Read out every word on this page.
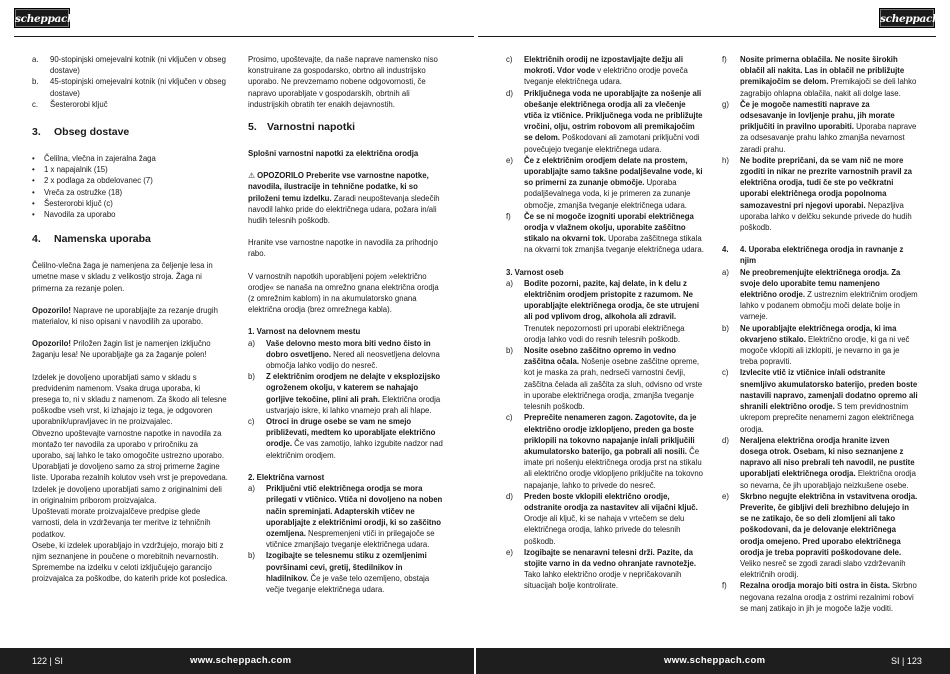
scheppach	scheppach
a.	90-stopinjski omejevalni kotnik (ni vključen v obseg dostave)
b.	45-stopinjski omejevalni kotnik (ni vključen v obseg dostave)
c.	Šesterorobi ključ
3. Obseg dostave
•	Čelilna, vlečna in zajeralna žaga
•	1 x napajalnik (15)
•	2 x podlaga za obdelovanec (7)
•	Vreča za ostružke (18)
•	Šesterorobi ključ (c)
•	Navodila za uporabo
4. Namenska uporaba

Čelilno-vlečna žaga je namenjena za čeljenje lesa in umetne mase v skladu z velikostjo stroja. Žaga ni primerna za rezanje polen.

Opozorilo! Naprave ne uporabljajte za rezanje drugih materialov, ki niso opisani v navodilih za uporabo.

Opozorilo! Priložen žagin list je namenjen izključno žaganju lesa! Ne uporabljajte ga za žaganje polen!

Izdelek je dovoljeno uporabljati samo v skladu s predvidenim namenom. Vsaka druga uporaba, ki presega to, ni v skladu z namenom. Za škodo ali telesne poškodbe vseh vrst, ki izhajajo iz tega, je odgovoren uporabnik/upravljavec in ne proizvajalec.
Obvezno upoštevajte varnostne napotke in navodila za montažo ter navodila za uporabo v priročniku za uporabo, saj lahko le tako omogočite ustrezno uporabo.
Uporabljati je dovoljeno samo za stroj primerne žagine liste. Uporaba rezalnih kolutov vseh vrst je prepovedana.
Izdelek je dovoljeno uporabljati samo z originalnimi deli in originalnim priborom proizvajalca.
Upoštevati morate proizvajalčeve predpise glede varnosti, dela in vzdrževanja ter meritve iz tehničnih podatkov.
Osebe, ki izdelek uporabljajo in vzdržujejo, morajo biti z njim seznanjene in poučene o morebitnih nevarnostih.
Spremembe na izdelku v celoti izključujejo garancijo proizvajalca za poškodbe, do katerih pride kot posledica.

Prosimo, upoštevajte, da naše naprave namensko niso konstruirane za gospodarsko, obrtno ali industrijsko uporabo. Ne prevzemamo nobene odgovornosti, če napravo uporabljate v gospodarskih, obrtnih ali industrijskih obratih ter enakih dejavnostih.

5. Varnostni napotki

Splošni varnostni napotki za električna orodja

⚠ OPOZORILO Preberite vse varnostne napotke, navodila, ilustracije in tehnične podatke, ki so priloženi temu izdelku. Zaradi neupoštevanja sledečih navodil lahko pride do električnega udara, požara in/ali hudih telesnih poškodb.

Hranite vse varnostne napotke in navodila za prihodnjo rabo.

V varnostnih napotkih uporabljeni pojem »električno orodje« se nanaša na omrežno gnana električna orodja (z omrežnim kablom) in na akumulatorsko gnana električna orodja (brez omrežnega kabla).

1. Varnost na delovnem mestu
a)	Vaše delovno mesto mora biti vedno čisto in dobro osvetljeno. Nered ali neosvetljena delovna območja lahko vodijo do nesreč.
b)	Z električnim orodjem ne delajte v eksplozijsko ogroženem okolju, v katerem se nahajajo gorljive tekočine, plini ali prah. Električna orodja ustvarjajo iskre, ki lahko vnamejo prah ali hlape.
c)	Otroci in druge osebe se vam ne smejo približevati, medtem ko uporabljate električno orodje. Če vas zamotijo, lahko izgubite nadzor nad električnim orodjem.
2. Električna varnost
a)	Priključni vtič električnega orodja se mora prilegati v vtičnico. Vtiča ni dovoljeno na noben način spreminjati. Adapterskih vtičev ne uporabljajte z električnimi orodji, ki so zaščitno ozemljena. Nespremenjeni vtiči in prilegajoče se vtičnice zmanjšajo tveganje električnega udara.
b)	Izogibajte se telesnemu stiku z ozemljenimi površinami cevi, gretij, štedilnikov in hladilnikov. Če je vaše telo ozemljeno, obstaja večje tveganje električnega udara.
c)	Električnih orodij ne izpostavljajte dežju ali mokroti. Vdor vode v električno orodje poveča tveganje električnega udara.
d)	Priključnega voda ne uporabljajte za nošenje ali obešanje električnega orodja ali za vlečenje vtiča iz vtičnice. Priključnega voda ne približujte vročini, olju, ostrim robovom ali premikajočim se delom. Poškodovani ali zamotani priključni vodi povečujejo tveganje električnega udara.
e)	Če z električnim orodjem delate na prostem, uporabljajte samo takšne podaljševalne vode, ki so primerni za zunanje območje. Uporaba podaljševalnega voda, ki je primeren za zunanje območje, zmanjša tveganje električnega udara.
f)	Če se ni mogoče izogniti uporabi električnega orodja v vlažnem okolju, uporabite zaščitno stikalo na okvarni tok. Uporaba zaščitnega stikala na okvarni tok zmanjša tveganje električnega udara.
3. Varnost oseb
a)	Bodite pozorni, pazite, kaj delate, in k delu z električnim orodjem pristopite z razumom. Ne uporabljajte električnega orodja, če ste utrujeni ali pod vplivom drog, alkohola ali zdravil. Trenutek nepozornosti pri uporabi električnega orodja lahko vodi do resnih telesnih poškodb.
b)	Nosite osebno zaščitno opremo in vedno zaščitna očala. Nošenje osebne zaščitne opreme, kot je maska za prah, nedrseči varnostni čevlji, zaščitna čelada ali zaščita za sluh, odvisno od vrste in uporabe električnega orodja, zmanjša tveganje telesnih poškodb.
c)	Preprečite nenameren zagon. Zagotovite, da je električno orodje izklopljeno, preden ga boste priklopili na tokovno napajanje in/ali priključili akumulatorsko baterijo, ga pobrali ali nosili. Če imate pri nošenju električnega orodja prst na stikalu ali električno orodje vklopljeno priključite na tokovno napajanje, lahko to privede do nesreč.
d)	Preden boste vklopili električno orodje, odstranite orodja za nastavitev ali vijačni ključ. Orodje ali ključ, ki se nahaja v vrtečem se delu električnega orodja, lahko privede do telesnih poškodb.
e)	Izogibajte se nenaravni telesni drži. Pazite, da stojite varno in da vedno ohranjate ravnotežje. Tako lahko električno orodje v nepričakovanih situacijah bolje kontrolirate.
f)	Nosite primerna oblačila. Ne nosite širokih oblačil ali nakita. Las in oblačil ne približujte premikajočim se delom. Premikajoči se deli lahko zagrabijo ohlapna oblačila, nakit ali dolge lase.
g)	Če je mogoče namestiti naprave za odsesavanje in lovljenje prahu, jih morate priključiti in pravilno uporabiti. Uporaba naprave za odsesavanje prahu lahko zmanjša nevarnost zaradi prahu.
h)	Ne bodite prepričani, da se vam nič ne more zgoditi in nikar ne prezrite varnostnih pravil za električna orodja, tudi če ste po večkratni uporabi električnega orodja popolnoma samozavestni pri njegovi uporabi. Nepazljiva uporaba lahko v delčku sekunde privede do hudih poškodb.
4.	4. Uporaba električnega orodja in ravnanje z njim
a)	Ne preobremenjujte električnega orodja. Za svoje delo uporabite temu namenjeno električno orodje. Z ustreznim električnim orodjem lahko v podanem območju moči delate bolje in varneje.
b)	Ne uporabljajte električnega orodja, ki ima okvarjeno stikalo. Električno orodje, ki ga ni več mogoče vklopiti ali izklopiti, je nevarno in ga je treba popraviti.
c)	Izvlecite vtič iz vtičnice in/ali odstranite snemljivo akumulatorsko baterijo, preden boste nastavili napravo, zamenjali dodatno opremo ali shranili električno orodje. S tem previdnostnim ukrepom preprečite nenamerni zagon električnega orodja.
d)	Neraljena električna orodja hranite izven dosega otrok. Osebam, ki niso seznanjene z napravo ali niso prebrali teh navodil, ne pustite uporabljati električnega orodja. Električna orodja so nevarna, če jih uporabljajo neizkušene osebe.
e)	Skrbno negujte električna in vstavitvena orodja. Preverite, če gibljivi deli brezhibno delujejo in se ne zatikajo, če so deli zlomljeni ali tako poškodovani, da je delovanje električnega orodja omejeno. Pred uporabo električnega orodja je treba popraviti poškodovane dele. Veliko nesreč se zgodi zaradi slabo vzdrževanih električnih orodij.
f)	Rezalna orodja morajo biti ostra in čista. Skrbno negovana rezalna orodja z ostrimi rezalnimi robovi se manj zatikajo in jih je mogoče lažje voditi.
122 | SI	www.scheppach.com	www.scheppach.com	SI | 123
